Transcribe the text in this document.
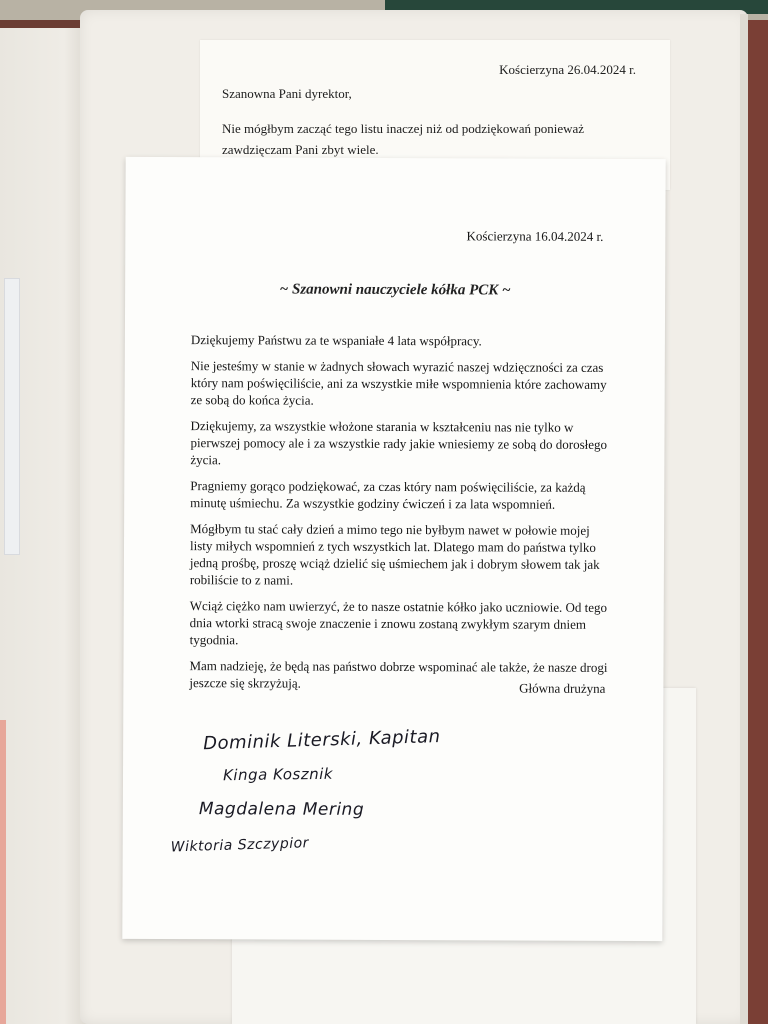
Kościerzyna 26.04.2024 r.
Szanowna Pani dyrektor,
Nie mógłbym zacząć tego listu inaczej niż od podziękowań ponieważ zawdzięczam Pani zbyt wiele.
Kościerzyna 16.04.2024 r.
~ Szanowni nauczyciele kółka PCK ~

Dziękujemy Państwu za te wspaniałe 4 lata współpracy.

Nie jesteśmy w stanie w żadnych słowach wyrazić naszej wdzięczności za czas który nam poświęciliście, ani za wszystkie miłe wspomnienia które zachowamy ze sobą do końca życia.

Dziękujemy, za wszystkie włożone starania w kształceniu nas nie tylko w pierwszej pomocy ale i za wszystkie rady jakie wniesiemy ze sobą do dorosłego życia.

Pragniemy gorąco podziękować, za czas który nam poświęciliście, za każdą minutę uśmiechu. Za wszystkie godziny ćwiczeń i za lata wspomnień.

Mógłbym tu stać cały dzień a mimo tego nie byłbym nawet w połowie mojej listy miłych wspomnień z tych wszystkich lat. Dlatego mam do państwa tylko jedną prośbę, proszę wciąż dzielić się uśmiechem jak i dobrym słowem tak jak robiliście to z nami.

Wciąż ciężko nam uwierzyć, że to nasze ostatnie kółko jako uczniowie. Od tego dnia wtorki stracą swoje znaczenie i znowu zostaną zwykłym szarym dniem tygodnia.

Mam nadzieję, że będą nas państwo dobrze wspominać ale także, że nasze drogi jeszcze się skrzyżują.	Główna drużyna
Dominik Literski, Kapitan
Kinga Kosznik
Magdalena Mering
Wiktoria Szczypior
